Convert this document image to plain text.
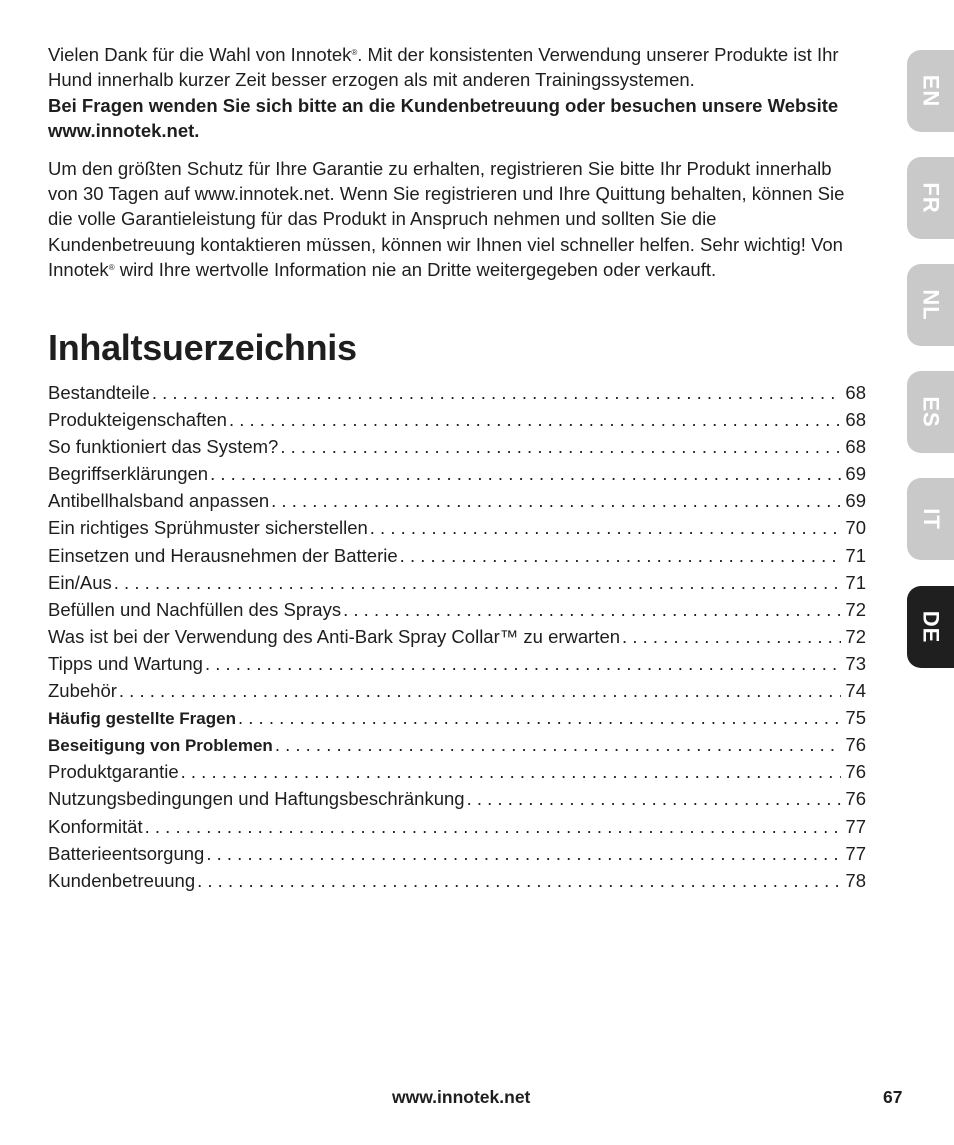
Vielen Dank für die Wahl von Innotek®. Mit der konsistenten Verwendung unserer Produkte ist Ihr Hund innerhalb kurzer Zeit besser erzogen als mit anderen Trainingssystemen.

Bei Fragen wenden Sie sich bitte an die Kundenbetreuung oder besuchen unsere Website www.innotek.net.

Um den größten Schutz für Ihre Garantie zu erhalten, registrieren Sie bitte Ihr Produkt innerhalb von 30 Tagen auf www.innotek.net. Wenn Sie registrieren und Ihre Quittung behalten, können Sie die volle Garantieleistung für das Produkt in Anspruch nehmen und sollten Sie die Kundenbetreuung kontaktieren müssen, können wir Ihnen viel schneller helfen. Sehr wichtig! Von Innotek® wird Ihre wertvolle Information nie an Dritte weitergegeben oder verkauft.

Inhaltsuerzeichnis
Bestandteile . . .	68
Produkteigenschaften . . .	68
So funktioniert das System? . . .	68
Begriffserklärungen . . .	69
Antibellhalsband anpassen . . .	69
Ein richtiges Sprühmuster sicherstellen . . .	70
Einsetzen und Herausnehmen der Batterie . . .	71
Ein/Aus . . .	71
Befüllen und Nachfüllen des Sprays . . .	72
Was ist bei der Verwendung des Anti-Bark Spray Collar™ zu erwarten . . .	72
Tipps und Wartung . . .	73
Zubehör . . .	74
Häufig gestellte Fragen . . .	75
Beseitigung von Problemen . . .	76
Produktgarantie . . .	76
Nutzungsbedingungen und Haftungsbeschränkung . . .	76
Konformität . . .	77
Batterieentsorgung . . .	77
Kundenbetreuung . . .	78
EN
FR
NL
ES
IT
DE
www.innotek.net	67
